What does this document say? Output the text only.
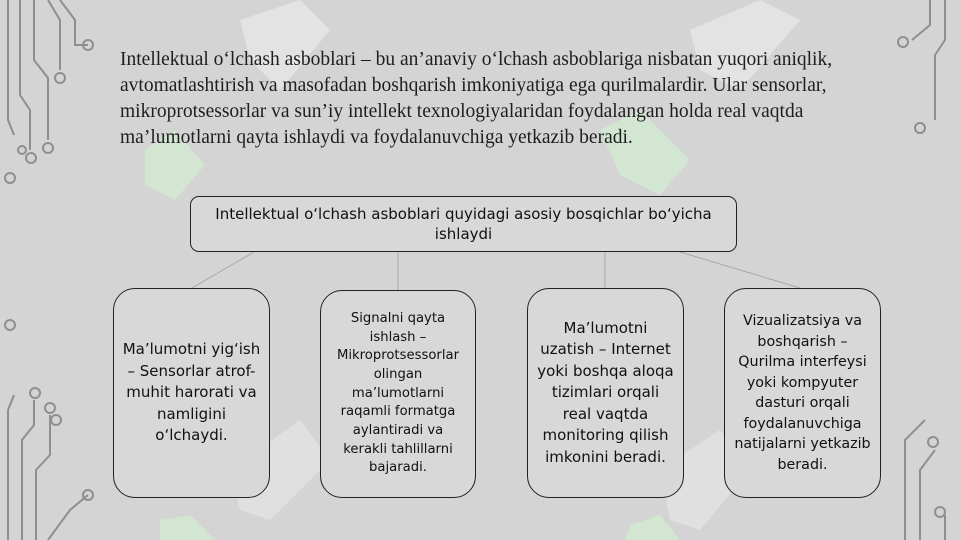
Intellektual o‘lchash asboblari – bu an’anaviy o‘lchash asboblariga nisbatan yuqori aniqlik, avtomatlashtirish va masofadan boshqarish imkoniyatiga ega qurilmalardir. Ular sensorlar, mikroprotsessorlar va sun’iy intellekt texnologiyalaridan foydalangan holda real vaqtda ma’lumotlarni qayta ishlaydi va foydalanuvchiga yetkazib beradi.

Intellektual o‘lchash asboblari quyidagi asosiy bosqichlar bo‘yicha ishlaydi
Ma’lumotni yig‘ish – Sensorlar atrof-muhit harorati va namligini o‘lchaydi.
Signalni qayta ishlash – Mikroprotsessorlar olingan ma’lumotlarni raqamli formatga aylantiradi va kerakli tahlillarni bajaradi.
Ma’lumotni uzatish – Internet yoki boshqa aloqa tizimlari orqali real vaqtda monitoring qilish imkonini beradi.
Vizualizatsiya va boshqarish – Qurilma interfeysi yoki kompyuter dasturi orqali foydalanuvchiga natijalarni yetkazib beradi.
